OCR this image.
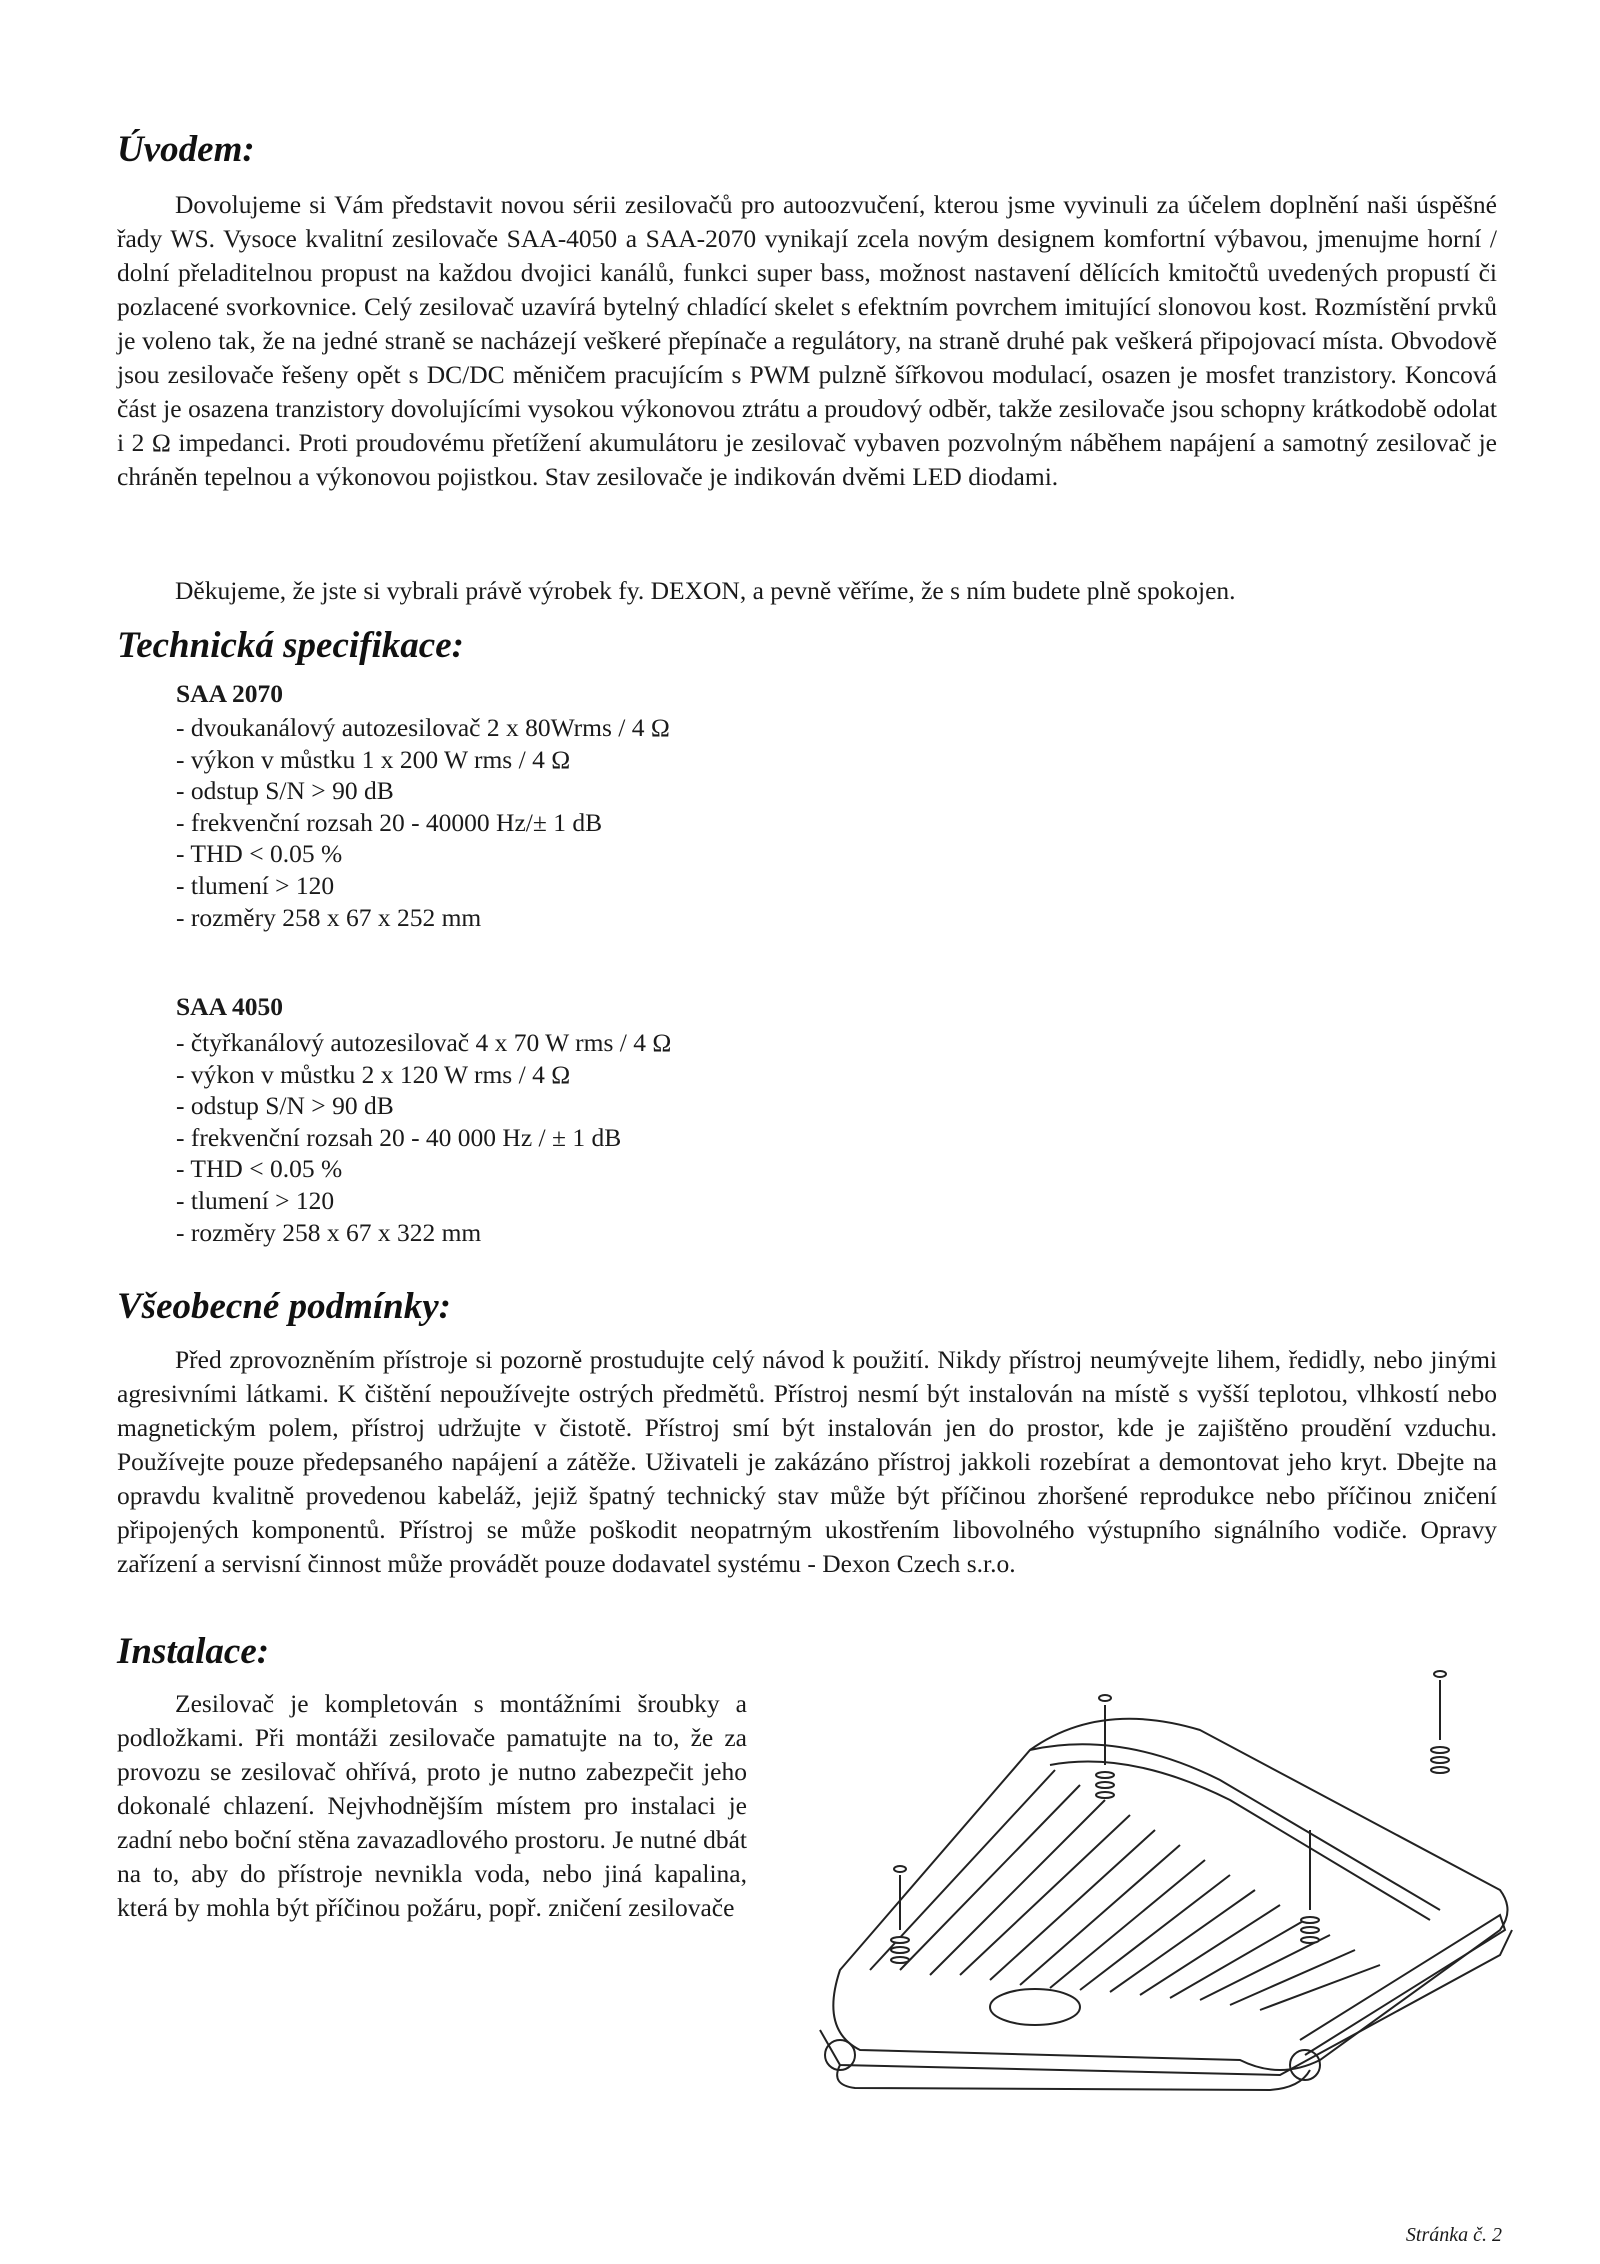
Úvodem:

Dovolujeme si Vám představit novou sérii zesilovačů pro autoozvučení, kterou jsme vyvinuli za účelem doplnění naši úspěšné řady WS. Vysoce kvalitní zesilovače SAA-4050 a SAA-2070 vynikají zcela novým designem komfortní výbavou, jmenujme horní / dolní přeladitelnou propust na každou dvojici kanálů, funkci super bass, možnost nastavení dělících kmitočtů uvedených propustí či pozlacené svorkovnice. Celý zesilovač uzavírá bytelný chladící skelet s efektním povrchem imitující slonovou kost. Rozmístění prvků je voleno tak, že na jedné straně se nacházejí veškeré přepínače a regulátory, na straně druhé pak veškerá připojovací místa. Obvodově jsou zesilovače řešeny opět s DC/DC měničem pracujícím s PWM pulzně šířkovou modulací, osazen je mosfet tranzistory. Koncová část je osazena tranzistory dovolujícími vysokou výkonovou ztrátu a proudový odběr, takže zesilovače jsou schopny krátkodobě odolat i 2 Ω impedanci. Proti proudovému přetížení akumulátoru je zesilovač vybaven pozvolným náběhem napájení a samotný zesilovač je chráněn tepelnou a výkonovou pojistkou. Stav zesilovače je indikován dvěmi LED diodami.

Děkujeme, že jste si vybrali právě výrobek fy. DEXON, a pevně věříme, že s ním budete plně spokojen.

Technická specifikace:
SAA 2070
- dvoukanálový autozesilovač 2 x 80Wrms / 4 Ω
- výkon v můstku 1 x 200 W rms / 4 Ω
- odstup S/N > 90 dB
- frekvenční rozsah 20 - 40000 Hz/± 1 dB
- THD < 0.05 %
- tlumení > 120
- rozměry 258 x 67 x 252 mm
SAA 4050
- čtyřkanálový autozesilovač 4 x 70 W rms / 4 Ω
- výkon v můstku 2 x 120 W rms / 4 Ω
- odstup S/N > 90 dB
- frekvenční rozsah 20 - 40 000 Hz / ± 1 dB
- THD < 0.05 %
- tlumení > 120
- rozměry 258 x 67 x 322 mm
Všeobecné podmínky:

Před zprovozněním přístroje si pozorně prostudujte celý návod k použití. Nikdy přístroj neumývejte lihem, ředidly, nebo jinými agresivními látkami. K čištění nepoužívejte ostrých předmětů. Přístroj nesmí být instalován na místě s vyšší teplotou, vlhkostí nebo magnetickým polem, přístroj udržujte v čistotě. Přístroj smí být instalován jen do prostor, kde je zajištěno proudění vzduchu. Používejte pouze předepsaného napájení a zátěže. Uživateli je zakázáno přístroj jakkoli rozebírat a demontovat jeho kryt. Dbejte na opravdu kvalitně provedenou kabeláž, jejiž špatný technický stav může být příčinou zhoršené reprodukce nebo příčinou zničení připojených komponentů. Přístroj se může poškodit neopatrným ukostřením libovolného výstupního signálního vodiče. Opravy zařízení a servisní činnost může provádět pouze dodavatel systému - Dexon Czech s.r.o.

Instalace:

Zesilovač je kompletován s montážními šroubky a podložkami. Při montáži zesilovače pamatujte na to, že za provozu se zesilovač ohřívá, proto je nutno zabezpečit jeho dokonalé chlazení. Nejvhodnějším místem pro instalaci je zadní nebo boční stěna zavazadlového prostoru. Je nutné dbát na to, aby do přístroje nevnikla voda, nebo jiná kapalina, která by mohla být příčinou požáru, popř. zničení zesilovače

Stránka č. 2
